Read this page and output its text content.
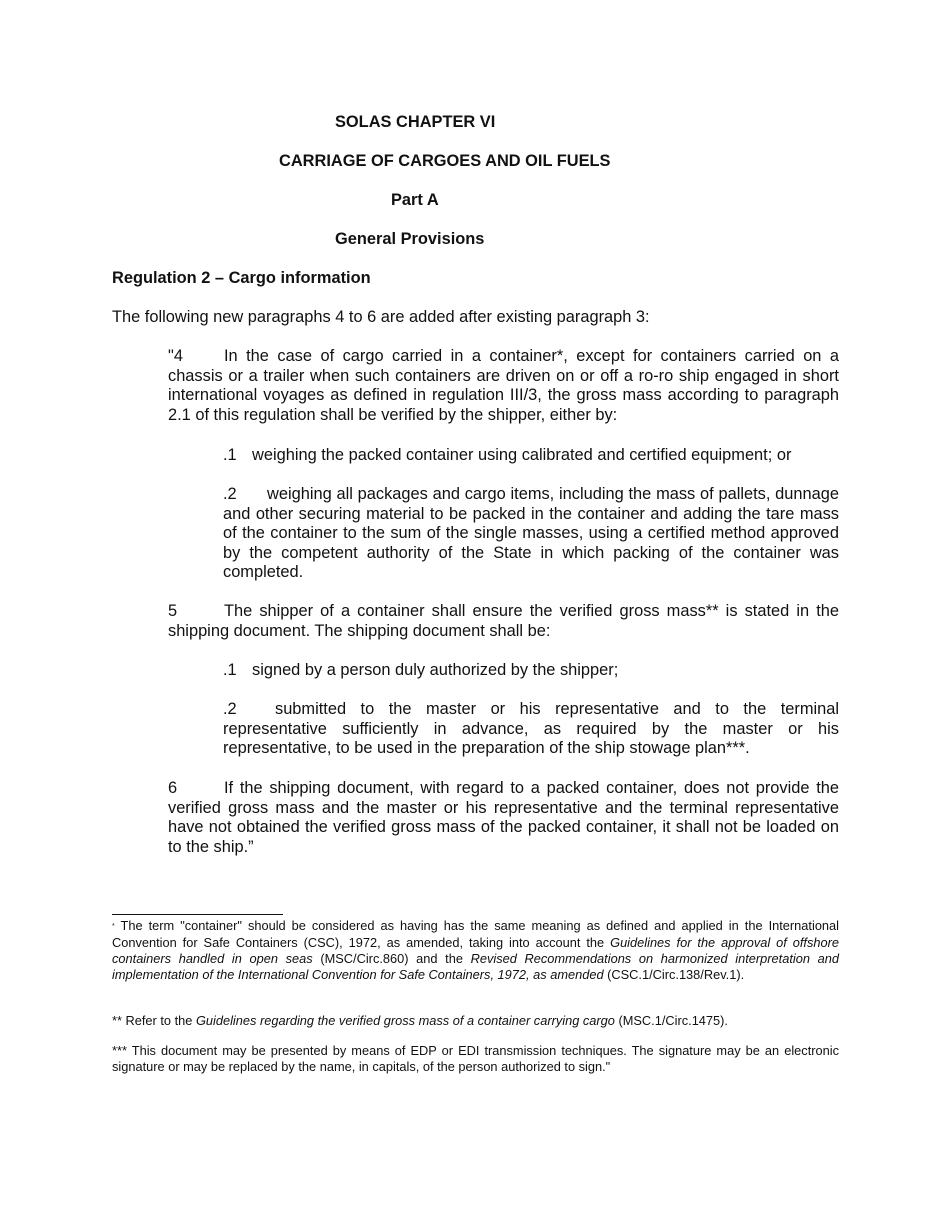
SOLAS CHAPTER VI
CARRIAGE OF CARGOES AND OIL FUELS
Part A
General Provisions
Regulation 2 – Cargo information
The following new paragraphs 4 to 6 are added after existing paragraph 3:
"4	In the case of cargo carried in a container*, except for containers carried on a chassis or a trailer when such containers are driven on or off a ro-ro ship engaged in short international voyages as defined in regulation III/3, the gross mass according to paragraph 2.1 of this regulation shall be verified by the shipper, either by:
.1 weighing the packed container using calibrated and certified equipment; or
.2 weighing all packages and cargo items, including the mass of pallets, dunnage and other securing material to be packed in the container and adding the tare mass of the container to the sum of the single masses, using a certified method approved by the competent authority of the State in which packing of the container was completed.
5	The shipper of a container shall ensure the verified gross mass** is stated in the shipping document. The shipping document shall be:
.1 signed by a person duly authorized by the shipper;
.2 submitted to the master or his representative and to the terminal representative sufficiently in advance, as required by the master or his representative, to be used in the preparation of the ship stowage plan***.
6	If the shipping document, with regard to a packed container, does not provide the verified gross mass and the master or his representative and the terminal representative have not obtained the verified gross mass of the packed container, it shall not be loaded on to the ship.”
* The term "container" should be considered as having has the same meaning as defined and applied in the International Convention for Safe Containers (CSC), 1972, as amended, taking into account the Guidelines for the approval of offshore containers handled in open seas (MSC/Circ.860) and the Revised Recommendations on harmonized interpretation and implementation of the International Convention for Safe Containers, 1972, as amended (CSC.1/Circ.138/Rev.1).
** Refer to the Guidelines regarding the verified gross mass of a container carrying cargo (MSC.1/Circ.1475).
*** This document may be presented by means of EDP or EDI transmission techniques. The signature may be an electronic signature or may be replaced by the name, in capitals, of the person authorized to sign."
